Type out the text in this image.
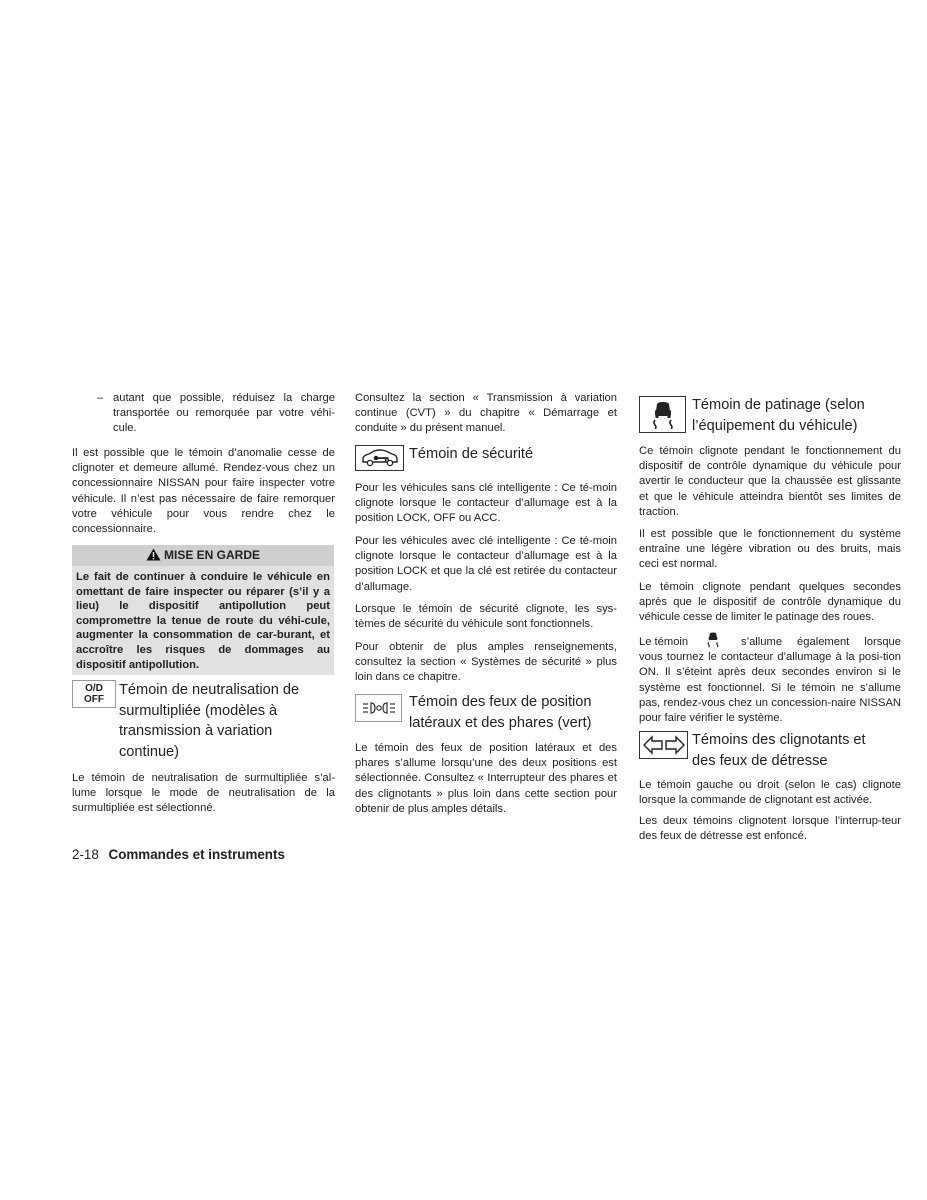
– autant que possible, réduisez la charge transportée ou remorquée par votre véhi-cule.

Il est possible que le témoin d’anomalie cesse de clignoter et demeure allumé. Rendez-vous chez un concessionnaire NISSAN pour faire inspecter votre véhicule. Il n’est pas nécessaire de faire remorquer votre véhicule pour vous rendre chez le concessionnaire.

MISE EN GARDE

Le fait de continuer à conduire le véhicule en omettant de faire inspecter ou réparer (s’il y a lieu) le dispositif antipollution peut compromettre la tenue de route du véhi-cule, augmenter la consommation de car-burant, et accroître les risques de dommages au dispositif antipollution.

O/D
OFF
Témoin de neutralisation de surmultipliée (modèles à transmission à variation continue)

Le témoin de neutralisation de surmultipliée s’al-lume lorsque le mode de neutralisation de la surmultipliée est sélectionné.

Consultez la section « Transmission à variation continue (CVT) » du chapitre « Démarrage et conduite » du présent manuel.

Témoin de sécurité

Pour les véhicules sans clé intelligente : Ce té-moin clignote lorsque le contacteur d’allumage est à la position LOCK, OFF ou ACC.

Pour les véhicules avec clé intelligente : Ce té-moin clignote lorsque le contacteur d’allumage est à la position LOCK et que la clé est retirée du contacteur d’allumage.

Lorsque le témoin de sécurité clignote, les sys-tèmes de sécurité du véhicule sont fonctionnels.

Pour obtenir de plus amples renseignements, consultez la section « Systèmes de sécurité » plus loin dans ce chapitre.

Témoin des feux de position latéraux et des phares (vert)

Le témoin des feux de position latéraux et des phares s’allume lorsqu’une des deux positions est sélectionnée. Consultez « Interrupteur des phares et des clignotants » plus loin dans cette section pour obtenir de plus amples détails.

Témoin de patinage (selon l’équipement du véhicule)

Ce témoin clignote pendant le fonctionnement du dispositif de contrôle dynamique du véhicule pour avertir le conducteur que la chaussée est glissante et que le véhicule atteindra bientôt ses limites de traction.

Il est possible que le fonctionnement du système entraîne une légère vibration ou des bruits, mais ceci est normal.

Le témoin clignote pendant quelques secondes après que le dispositif de contrôle dynamique du véhicule cesse de limiter le patinage des roues.

Le témoin	s’allume également lorsque vous tournez le contacteur d’allumage à la posi-tion ON. Il s’éteint après deux secondes environ si le système est fonctionnel. Si le témoin ne s’allume pas, rendez-vous chez un concession-naire NISSAN pour faire vérifier le système.

Témoins des clignotants et des feux de détresse

Le témoin gauche ou droit (selon le cas) clignote lorsque la commande de clignotant est activée.

Les deux témoins clignotent lorsque l’interrup-teur des feux de détresse est enfoncé.

2-18 Commandes et instruments
